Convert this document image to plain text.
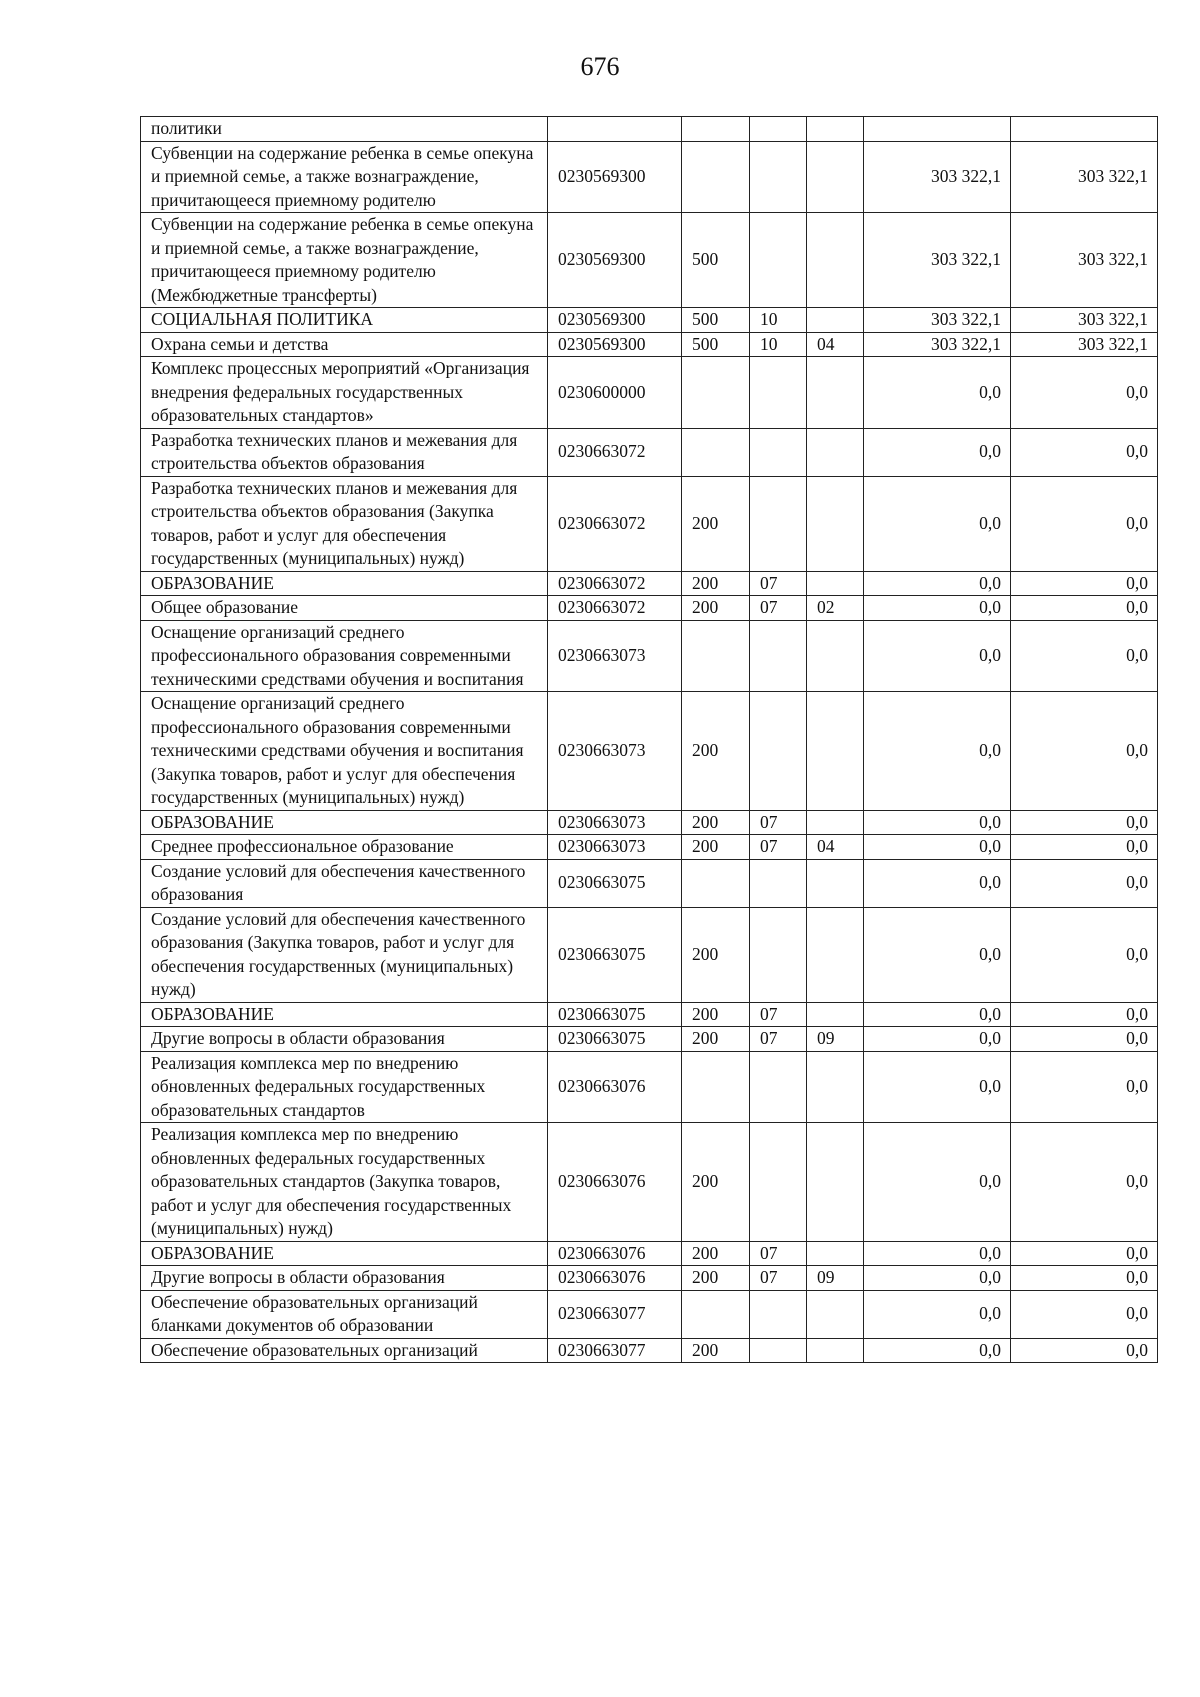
676
политики						
Субвенции на содержание ребенка в семье опекуна и приемной семье, а также вознаграждение, причитающееся приемному родителю	0230569300				303 322,1	303 322,1
Субвенции на содержание ребенка в семье опекуна и приемной семье, а также вознаграждение, причитающееся приемному родителю (Межбюджетные трансферты)	0230569300	500			303 322,1	303 322,1
СОЦИАЛЬНАЯ ПОЛИТИКА	0230569300	500	10		303 322,1	303 322,1
Охрана семьи и детства	0230569300	500	10	04	303 322,1	303 322,1
Комплекс процессных мероприятий «Организация внедрения федеральных государственных образовательных стандартов»	0230600000				0,0	0,0
Разработка технических планов и межевания для строительства объектов образования	0230663072				0,0	0,0
Разработка технических планов и межевания для строительства объектов образования (Закупка товаров, работ и услуг для обеспечения государственных (муниципальных) нужд)	0230663072	200			0,0	0,0
ОБРАЗОВАНИЕ	0230663072	200	07		0,0	0,0
Общее образование	0230663072	200	07	02	0,0	0,0
Оснащение организаций среднего профессионального образования современными техническими средствами обучения и воспитания	0230663073				0,0	0,0
Оснащение организаций среднего профессионального образования современными техническими средствами обучения и воспитания (Закупка товаров, работ и услуг для обеспечения государственных (муниципальных) нужд)	0230663073	200			0,0	0,0
ОБРАЗОВАНИЕ	0230663073	200	07		0,0	0,0
Среднее профессиональное образование	0230663073	200	07	04	0,0	0,0
Создание условий для обеспечения качественного образования	0230663075				0,0	0,0
Создание условий для обеспечения качественного образования (Закупка товаров, работ и услуг для обеспечения государственных (муниципальных) нужд)	0230663075	200			0,0	0,0
ОБРАЗОВАНИЕ	0230663075	200	07		0,0	0,0
Другие вопросы в области образования	0230663075	200	07	09	0,0	0,0
Реализация комплекса мер по внедрению обновленных федеральных государственных образовательных стандартов	0230663076				0,0	0,0
Реализация комплекса мер по внедрению обновленных федеральных государственных образовательных стандартов (Закупка товаров, работ и услуг для обеспечения государственных (муниципальных) нужд)	0230663076	200			0,0	0,0
ОБРАЗОВАНИЕ	0230663076	200	07		0,0	0,0
Другие вопросы в области образования	0230663076	200	07	09	0,0	0,0
Обеспечение образовательных организаций бланками документов об образовании	0230663077				0,0	0,0
Обеспечение образовательных организаций	0230663077	200			0,0	0,0
